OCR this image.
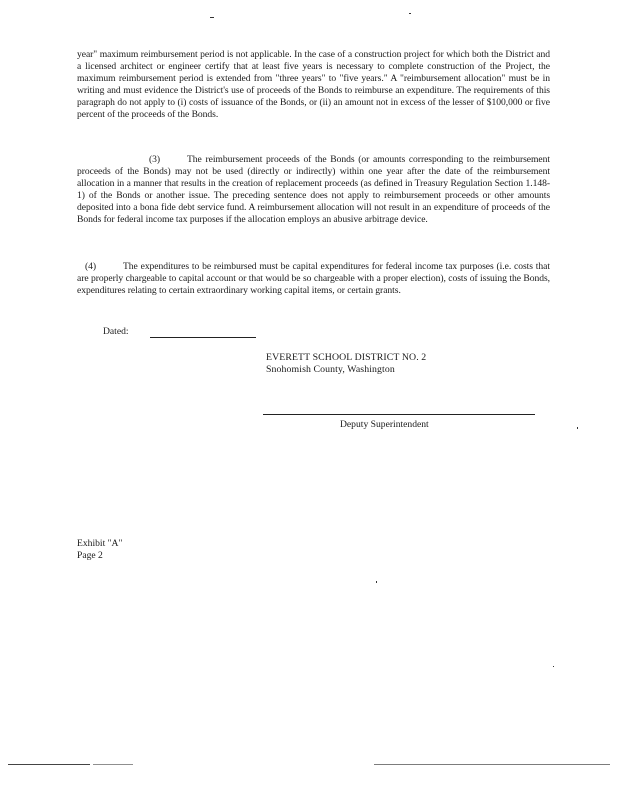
year" maximum reimbursement period is not applicable. In the case of a construction project for which both the District and a licensed architect or engineer certify that at least five years is necessary to complete construction of the Project, the maximum reimbursement period is extended from "three years" to "five years." A "reimbursement allocation" must be in writing and must evidence the District's use of proceeds of the Bonds to reimburse an expenditure. The requirements of this paragraph do not apply to (i) costs of issuance of the Bonds, or (ii) an amount not in excess of the lesser of $100,000 or five percent of the proceeds of the Bonds.
(3)	The reimbursement proceeds of the Bonds (or amounts corresponding to the reimbursement proceeds of the Bonds) may not be used (directly or indirectly) within one year after the date of the reimbursement allocation in a manner that results in the creation of replacement proceeds (as defined in Treasury Regulation Section 1.148-1) of the Bonds or another issue. The preceding sentence does not apply to reimbursement proceeds or other amounts deposited into a bona fide debt service fund. A reimbursement allocation will not result in an expenditure of proceeds of the Bonds for federal income tax purposes if the allocation employs an abusive arbitrage device.
(4)	The expenditures to be reimbursed must be capital expenditures for federal income tax purposes (i.e. costs that are properly chargeable to capital account or that would be so chargeable with a proper election), costs of issuing the Bonds, expenditures relating to certain extraordinary working capital items, or certain grants.
Dated:
EVERETT SCHOOL DISTRICT NO. 2
Snohomish County, Washington
Deputy Superintendent
Exhibit "A"
Page 2
